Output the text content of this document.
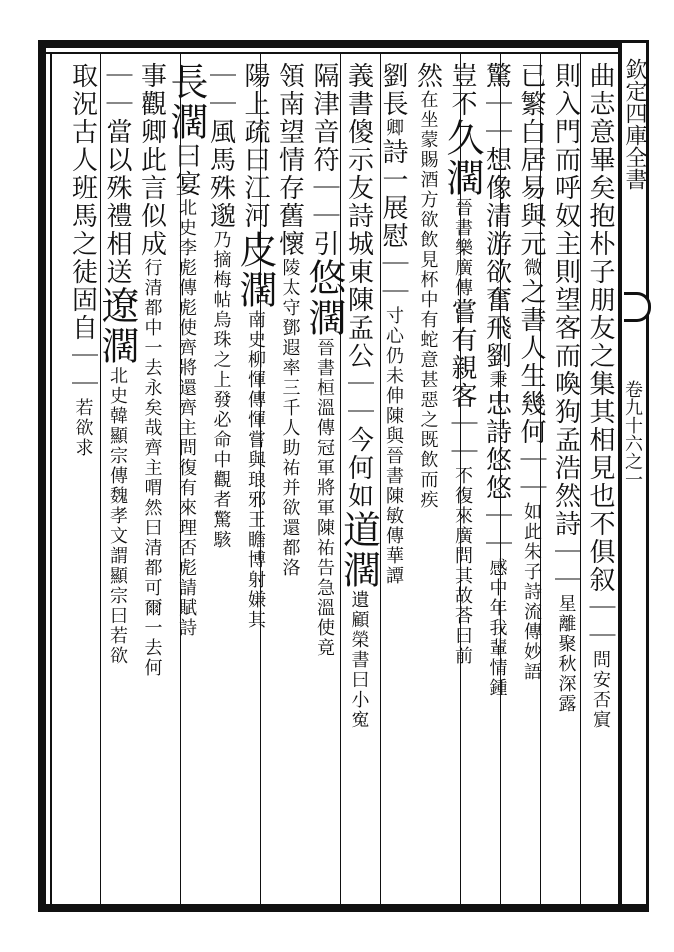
欽定四庫全書
卷九十六之一
曲志意畢矣抱朴子朋友之集其相見也不俱叙｜｜問安否賔
則入門而呼奴主則望客而喚狗孟浩然詩｜｜星離聚秋深露
已繁白居易與元微之書人生幾何｜｜如此朱子詩流傳妙語
驚｜｜想像清游欲奮飛劉秉忠詩悠悠｜｜感中年我輩情鍾
豈不久濶晉書樂廣傳嘗有親客｜｜不復來廣問其故荅曰前
然在坐蒙賜酒方欲飲見杯中有蛇意甚惡之既飲而疾
劉長卿詩一展慰｜｜寸心仍未伸陳與晉書陳敏傳華譚
義書傻示友詩城東陳孟公｜｜今何如道濶遺顧榮書曰小寃
隔津音符｜｜引悠濶晉書桓溫傳冠軍將軍陳祐告急溫使竟
領南望情存舊懷陵太守鄧遐率三千人助祐并欲還都洛
陽上疏曰江河皮濶南史柳惲傳惲嘗與琅邪王瞻博射嫌其
｜｜風馬殊邈乃摘梅帖烏珠之上發必命中觀者驚駭
長濶曰宴北史李彪傳彪使齊將還齊主問復有來理否彪請賦詩
事觀卿此言似成行清都中一去永矣哉齊主喟然曰清都可爾一去何
｜｜當以殊禮相送遼濶北史韓顯宗傳魏孝文謂顯宗曰若欲
取況古人班馬之徒固自｜｜若欲求
